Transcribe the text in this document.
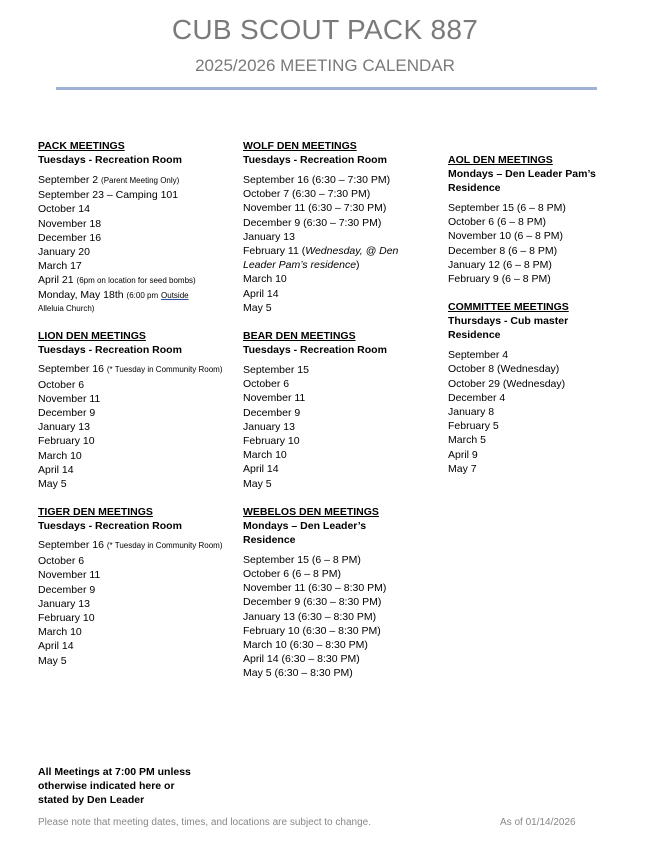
CUB SCOUT PACK 887
2025/2026 MEETING CALENDAR
PACK MEETINGS
Tuesdays - Recreation Room
September 2 (Parent Meeting Only)
September 23 – Camping 101
October 14
November 18
December 16
January 20
March 17
April 21 (6pm on location for seed bombs)
Monday, May 18th (6:00 pm Outside
Alleluia Church)
LION DEN MEETINGS
Tuesdays - Recreation Room
September 16 (* Tuesday in Community Room)
October 6
November 11
December 9
January 13
February 10
March 10
April 14
May 5
TIGER DEN MEETINGS
Tuesdays - Recreation Room
September 16 (* Tuesday in Community Room)
October 6
November 11
December 9
January 13
February 10
March 10
April 14
May 5
WOLF DEN MEETINGS
Tuesdays - Recreation Room
September 16 (6:30 – 7:30 PM)
October 7 (6:30 – 7:30 PM)
November 11 (6:30 – 7:30 PM)
December 9 (6:30 – 7:30 PM)
January 13
February 11 (Wednesday, @ Den Leader Pam’s residence)
March 10
April 14
May 5
BEAR DEN MEETINGS
Tuesdays - Recreation Room
September 15
October 6
November 11
December 9
January 13
February 10
March 10
April 14
May 5
WEBELOS DEN MEETINGS
Mondays – Den Leader’s Residence
September 15 (6 – 8 PM)
October 6 (6 – 8 PM)
November 11 (6:30 – 8:30 PM)
December 9 (6:30 – 8:30 PM)
January 13 (6:30 – 8:30 PM)
February 10 (6:30 – 8:30 PM)
March 10 (6:30 – 8:30 PM)
April 14 (6:30 – 8:30 PM)
May 5 (6:30 – 8:30 PM)
AOL DEN MEETINGS
Mondays – Den Leader Pam’s Residence
September 15 (6 – 8 PM)
October 6 (6 – 8 PM)
November 10 (6 – 8 PM)
December 8 (6 – 8 PM)
January 12 (6 – 8 PM)
February 9 (6 – 8 PM)
COMMITTEE MEETINGS
Thursdays - Cub master Residence
September 4
October 8 (Wednesday)
October 29 (Wednesday)
December 4
January 8
February 5
March 5
April 9
May 7
All Meetings at 7:00 PM unless otherwise indicated here or stated by Den Leader
Please note that meeting dates, times, and locations are subject to change.	As of 01/14/2026
